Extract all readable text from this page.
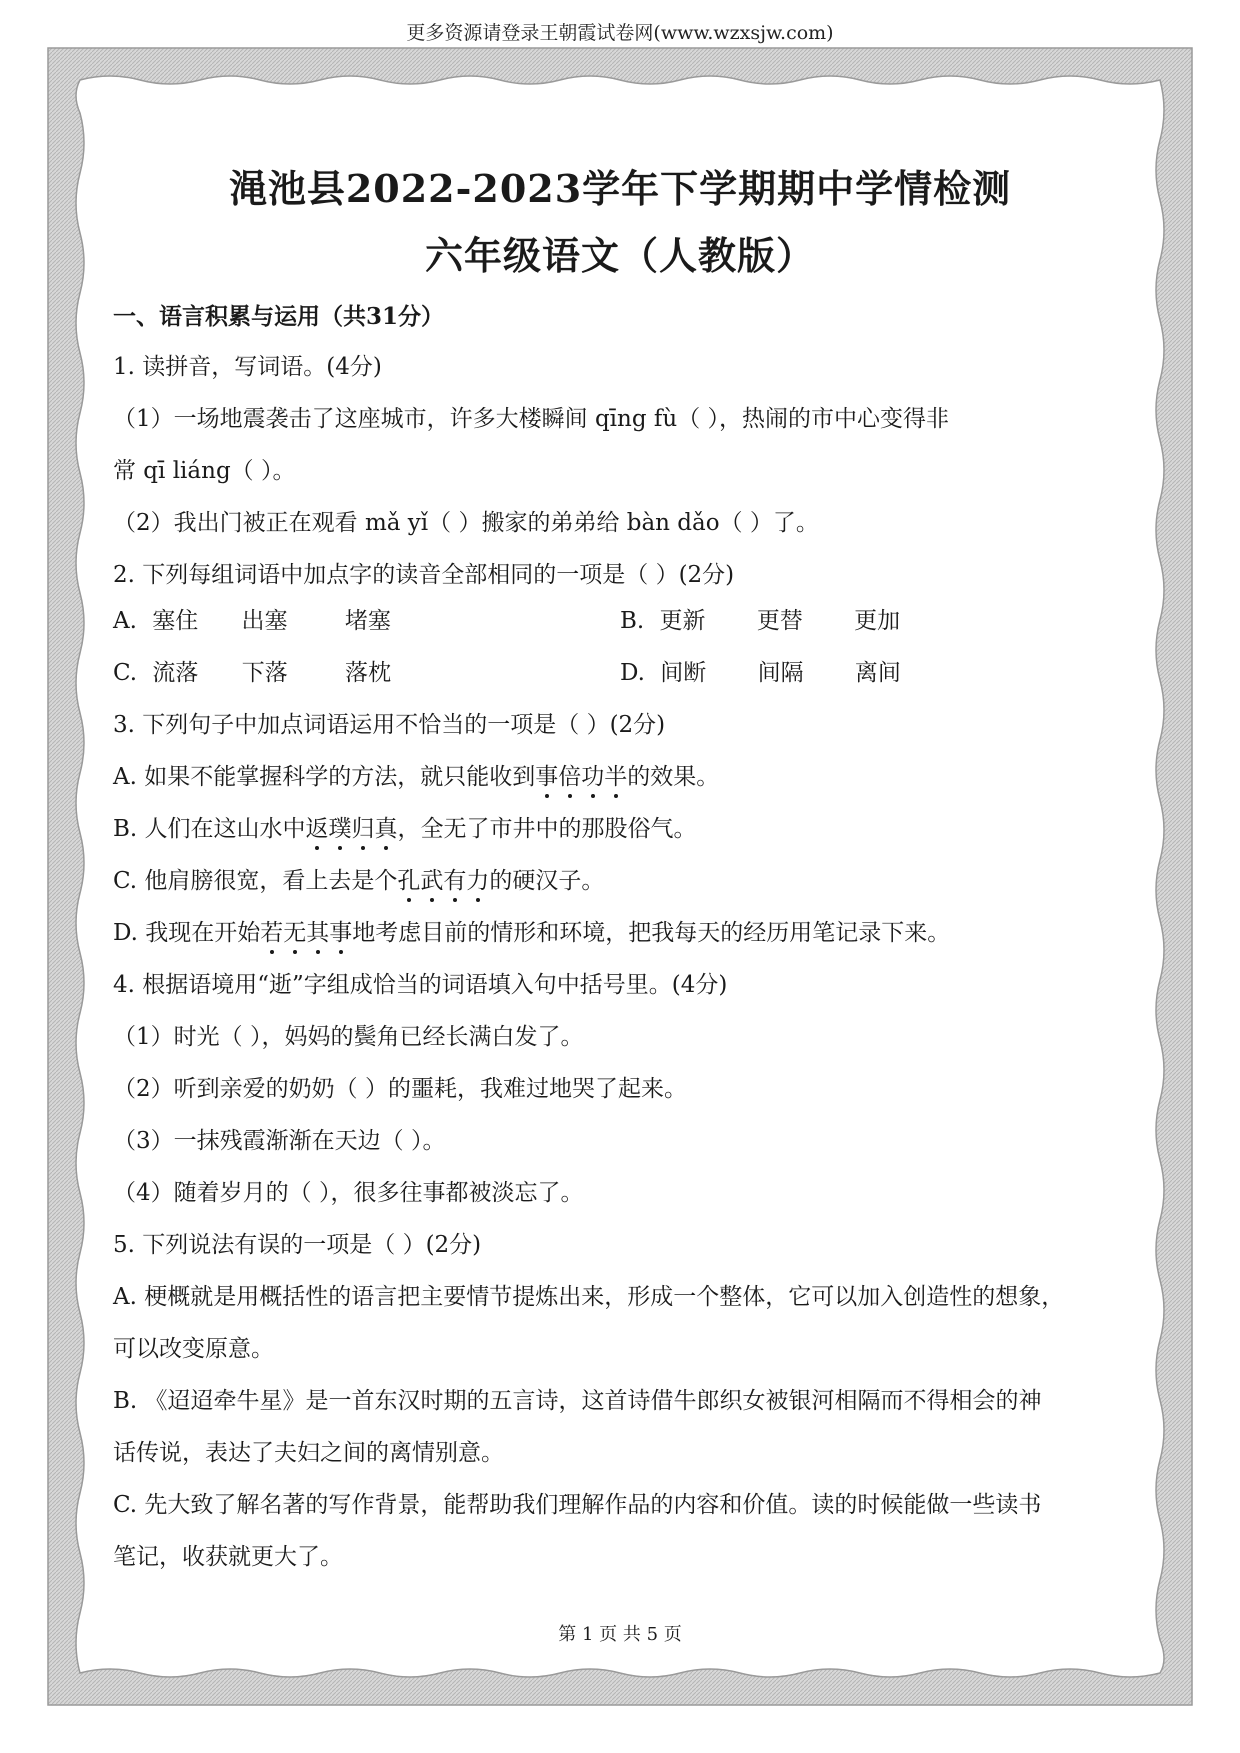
更多资源请登录王朝霞试卷网(www.wzxsjw.com)
渑池县2022-2023学年下学期期中学情检测
六年级语文（人教版）
一、语言积累与运用（共31分）
1. 读拼音，写词语。(4分)
（1）一场地震袭击了这座城市，许多大楼瞬间 qīng fù（ ），热闹的市中心变得非
常 qī liáng（ ）。
（2）我出门被正在观看 mǎ yǐ（ ）搬家的弟弟给 bàn dǎo（ ）了。
2. 下列每组词语中加点字的读音全部相同的一项是（ ）(2分)
A. 塞住 出塞 堵塞	B. 更新 更替 更加
C. 流落 下落 落枕	D. 间断 间隔 离间
3. 下列句子中加点词语运用不恰当的一项是（ ）(2分)
A. 如果不能掌握科学的方法，就只能收到事倍功半的效果。
B. 人们在这山水中返璞归真，全无了市井中的那股俗气。
C. 他肩膀很宽，看上去是个孔武有力的硬汉子。
D. 我现在开始若无其事地考虑目前的情形和环境，把我每天的经历用笔记录下来。
4. 根据语境用“逝”字组成恰当的词语填入句中括号里。(4分)
（1）时光（ ），妈妈的鬓角已经长满白发了。
（2）听到亲爱的奶奶（ ）的噩耗，我难过地哭了起来。
（3）一抹残霞渐渐在天边（ ）。
（4）随着岁月的（ ），很多往事都被淡忘了。
5. 下列说法有误的一项是（ ）(2分)
A. 梗概就是用概括性的语言把主要情节提炼出来，形成一个整体，它可以加入创造性的想象，
可以改变原意。
B. 《迢迢牵牛星》是一首东汉时期的五言诗，这首诗借牛郎织女被银河相隔而不得相会的神
话传说，表达了夫妇之间的离情别意。
C. 先大致了解名著的写作背景，能帮助我们理解作品的内容和价值。读的时候能做一些读书
笔记，收获就更大了。
第 1 页 共 5 页
